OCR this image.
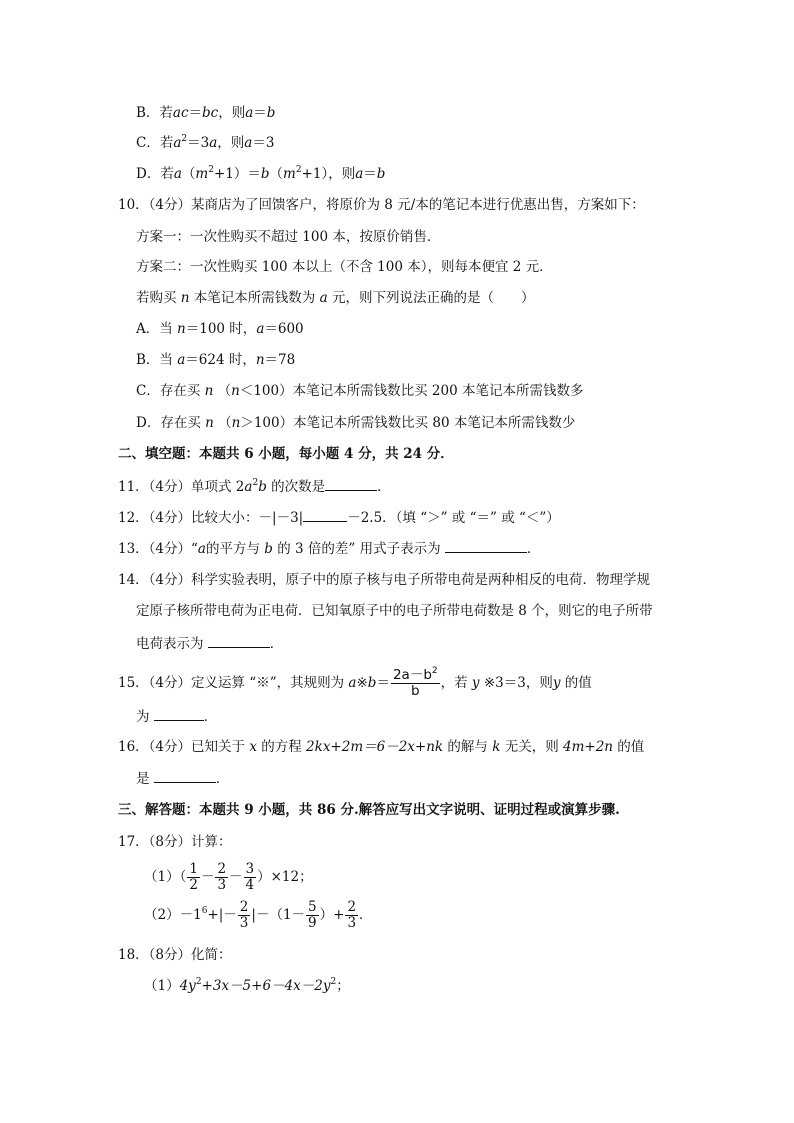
B．若ac＝bc，则a＝b
C．若$a^2=3a$，则a＝3
D．若$a(m^2+1)=b(m^2+1)$，则a＝b
10．（4分）某商店为了回馈客户，将原价为 8 元/本的笔记本进行优惠出售，方案如下：
方案一：一次性购买不超过 100 本，按原价销售．
方案二：一次性购买 100 本以上（不含 100 本），则每本便宜 2 元．
若购买 n 本笔记本所需钱数为 a 元，则下列说法正确的是（　　）
A．当 n＝100 时，a＝600
B．当 a＝624 时，n＝78
C．存在买 n （n＜100）本笔记本所需钱数比买 200 本笔记本所需钱数多
D．存在买 n （n＞100）本笔记本所需钱数比买 80 本笔记本所需钱数少
二、填空题：本题共 6 小题，每小题 4 分，共 24 分．
11．（4分）单项式 $2a^2b$ 的次数是	．
12．（4分）比较大小：－|－3|	－2.5．（填 “＞” 或 “＝” 或 “＜”）
13．（4分）“a的平方与 b 的 3 倍的差” 用式子表示为	．
14．（4分）科学实验表明，原子中的原子核与电子所带电荷是两种相反的电荷．物理学规
定原子核所带电荷为正电荷．已知氧原子中的电子所带电荷数是 8 个，则它的电子所带
电荷表示为	．
15．（4分）定义运算 “※”，其规则为 a※b＝ $\frac{2a-b^2}{b}$ ，若 y ※3＝3，则y 的值
为	．
16．（4分）已知关于 x 的方程 2kx+2m＝6－2x+nk 的解与 k 无关，则 4m+2n 的值
是	．
三、解答题：本题共 9 小题，共 86 分.解答应写出文字说明、证明过程或演算步骤.
17．（8分）计算：
$(1)( \frac{1}{2} - \frac{2}{3} - \frac{3}{4} )\times 12$；
$(2)-1^6+|- \frac{2}{3} |-(1- \frac{5}{9}$ ）+ $\frac{2}{3}$ ．
18．（8分）化简：
$(1)4y^2+3x-5+6-4x-2y^2$；
